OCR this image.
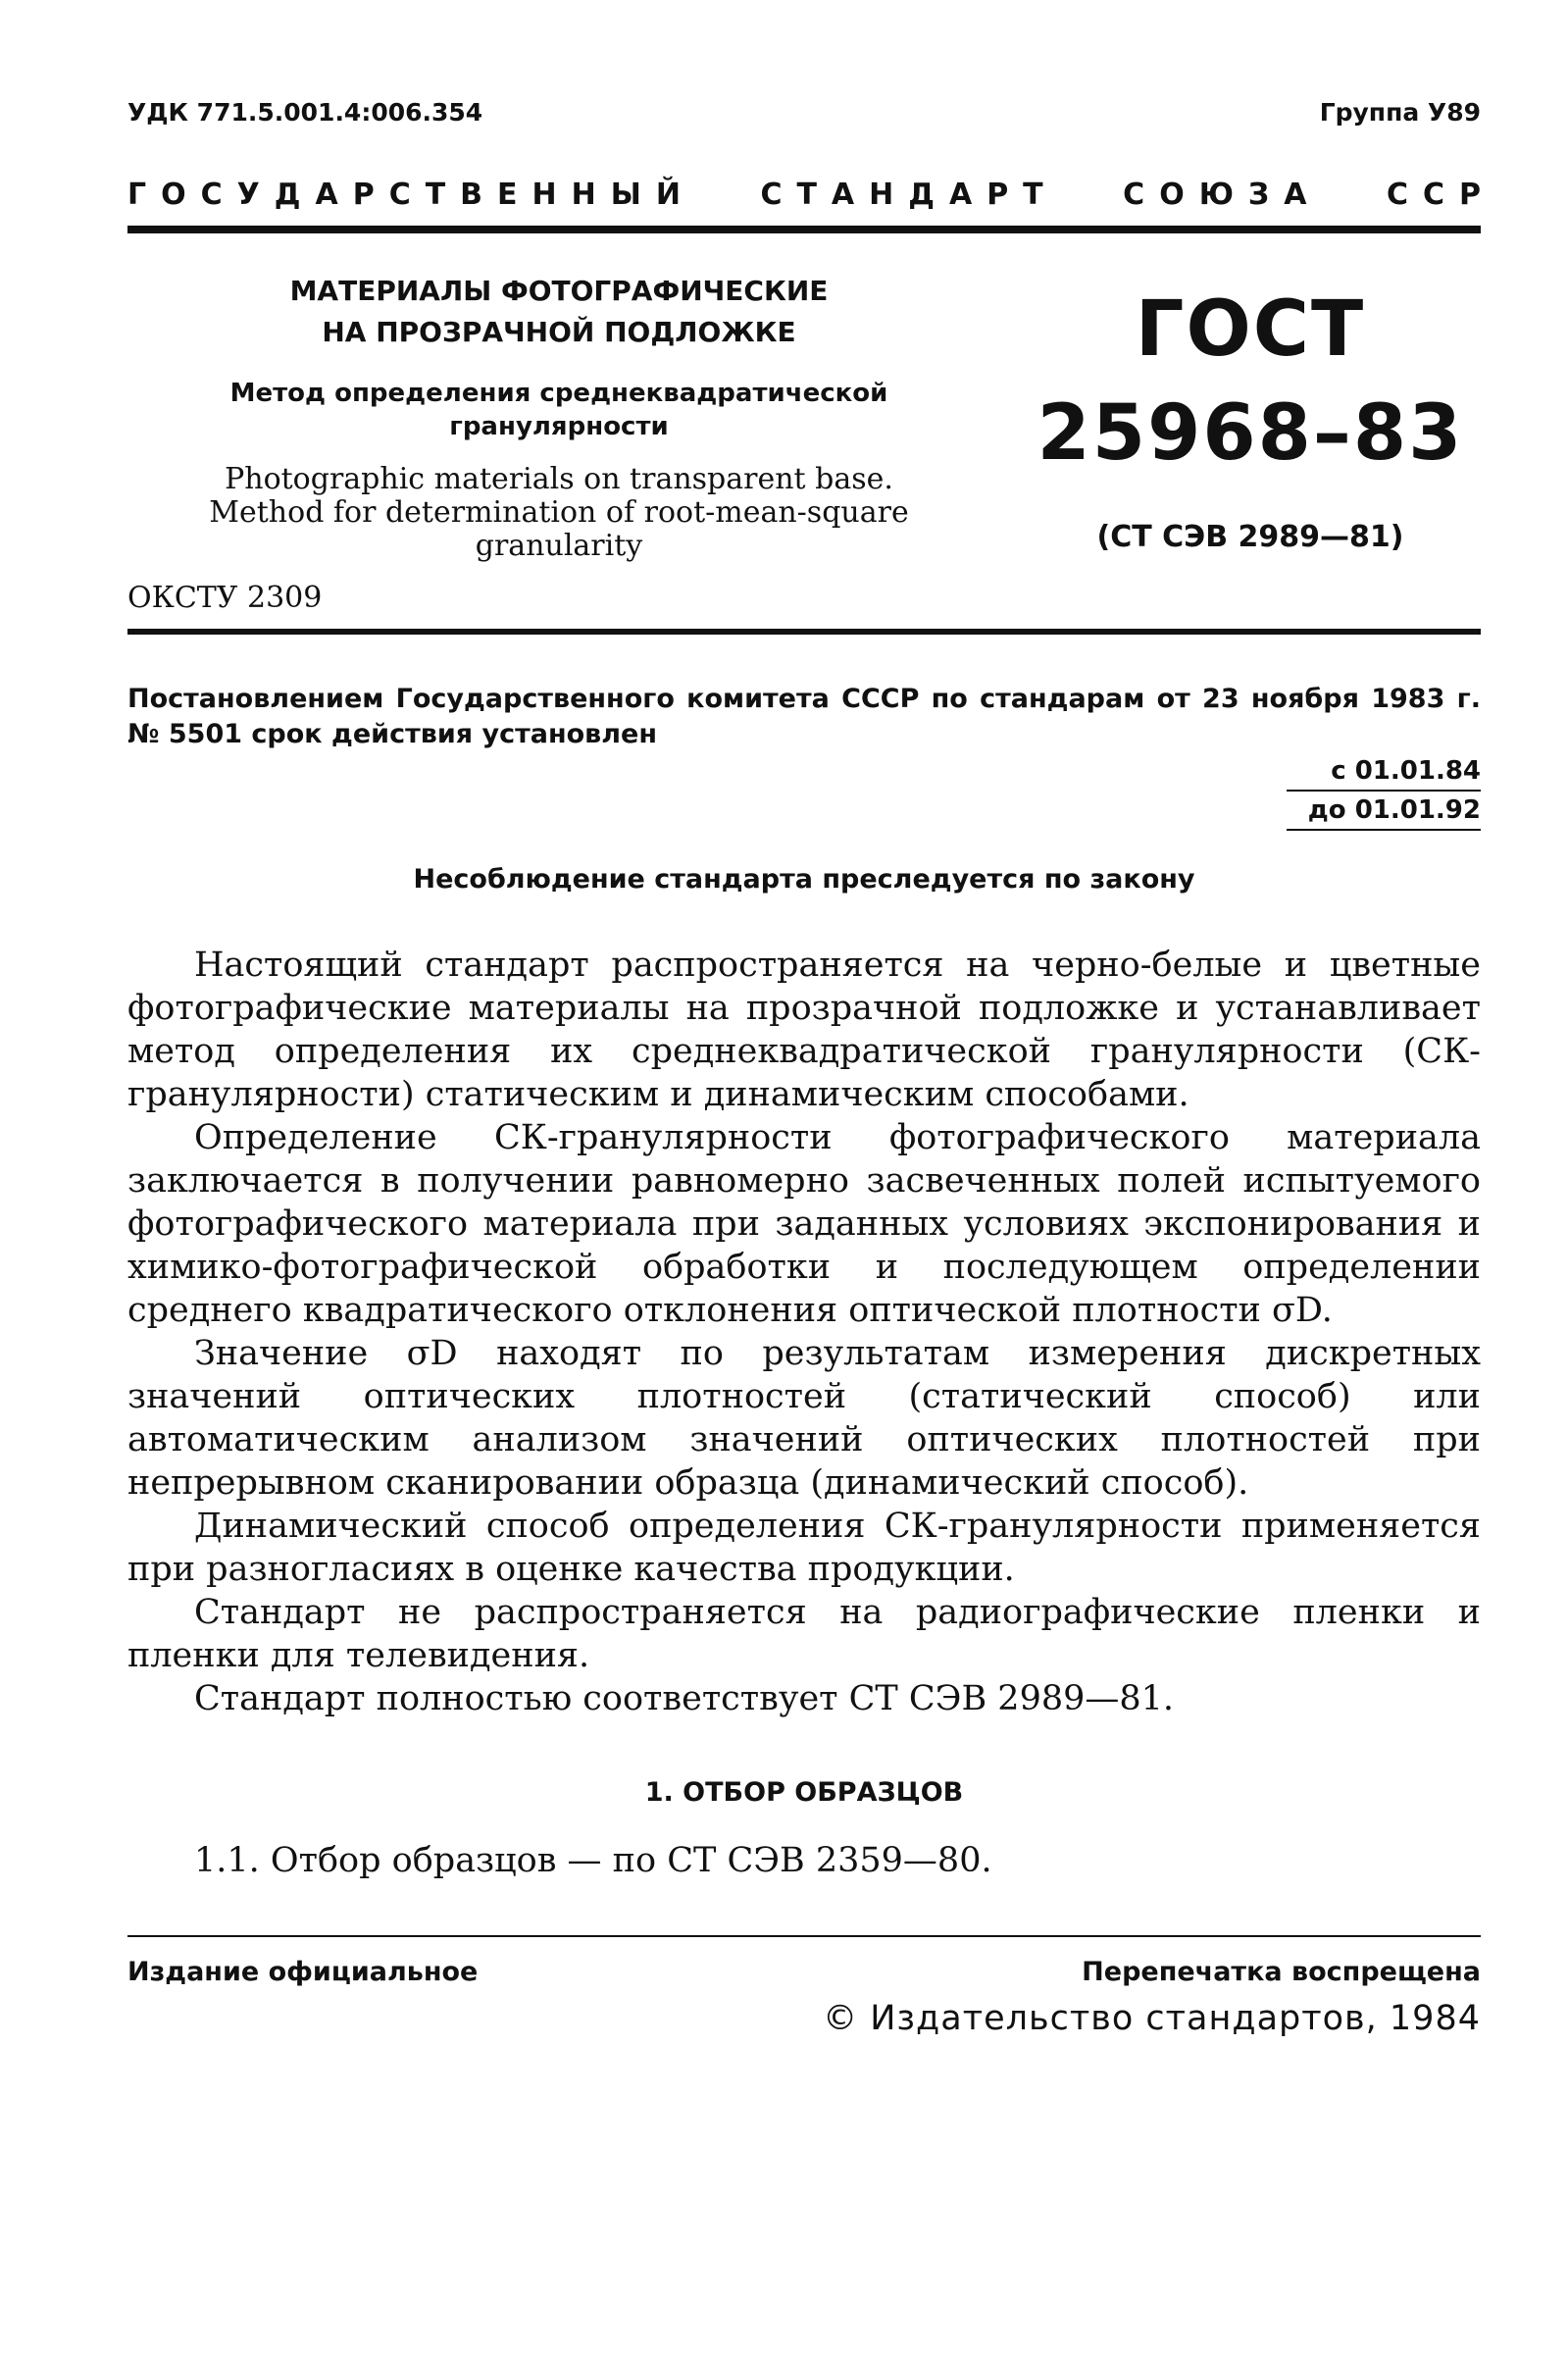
УДК 771.5.001.4:006.354	Группа У89
ГОСУДАРСТВЕННЫЙ СТАНДАРТ СОЮЗА ССР
МАТЕРИАЛЫ ФОТОГРАФИЧЕСКИЕ
НА ПРОЗРАЧНОЙ ПОДЛОЖКЕ
Метод определения среднеквадратической
гранулярности
Photographic materials on transparent base.
Method for determination of root-mean-square
granularity
ГОСТ
25968–83
(СТ СЭВ 2989—81)
ОКСТУ 2309
Постановлением Государственного комитета СССР по стандарам от 23 ноября 1983 г. № 5501 срок действия установлен
с 01.01.84
до 01.01.92
Несоблюдение стандарта преследуется по закону

Настоящий стандарт распространяется на черно-белые и цветные фотографические материалы на прозрачной подложке и устанавливает метод определения их среднеквадратической гранулярности (СК-гранулярности) статическим и динамическим способами.

Определение СК-гранулярности фотографического материала заключается в получении равномерно засвеченных полей испытуемого фотографического материала при заданных условиях экспонирования и химико-фотографической обработки и последующем определении среднего квадратического отклонения оптической плотности σD.

Значение σD находят по результатам измерения дискретных значений оптических плотностей (статический способ) или автоматическим анализом значений оптических плотностей при непрерывном сканировании образца (динамический способ).

Динамический способ определения СК-гранулярности применяется при разногласиях в оценке качества продукции.

Стандарт не распространяется на радиографические пленки и пленки для телевидения.

Стандарт полностью соответствует СТ СЭВ 2989—81.

1. ОТБОР ОБРАЗЦОВ
1.1. Отбор образцов — по СТ СЭВ 2359—80.
Издание официальное	Перепечатка воспрещена
© Издательство стандартов, 1984
